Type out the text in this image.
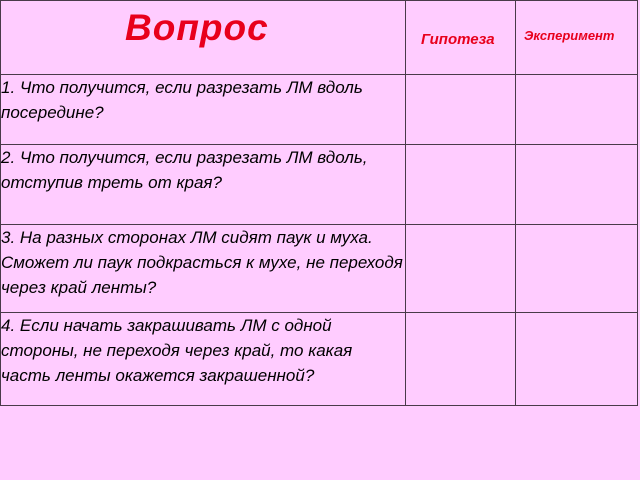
Вопрос	Гипотеза	Эксперимент

1. Что получится, если разрезать ЛМ вдоль посередине?		
2. Что получится, если разрезать ЛМ вдоль, отступив треть от края?		
3. На разных сторонах ЛМ сидят паук и муха. Сможет ли паук подкрасться к мухе, не переходя через край ленты?		
4. Если начать закрашивать ЛМ с одной стороны, не переходя через край, то какая часть ленты окажется закрашенной?		
